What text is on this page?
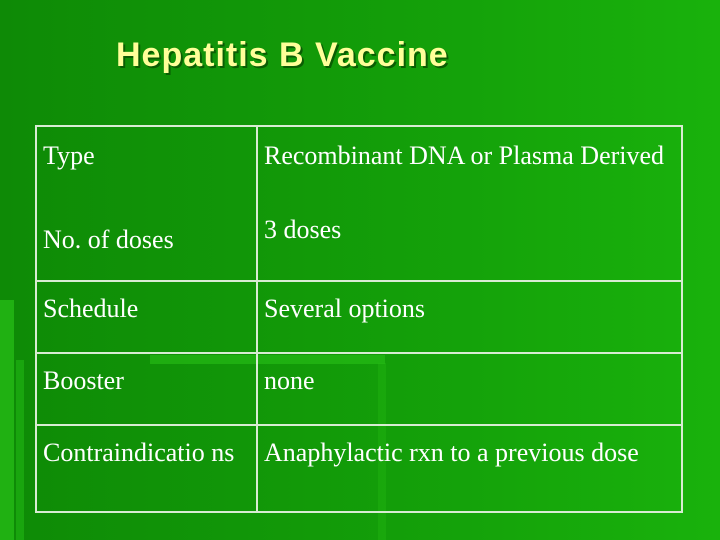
Hepatitis B Vaccine
Type	Recombinant DNA or Plasma Derived

No. of doses	3 doses
Schedule	Several options
Booster	none
Contraindicatio ns	Anaphylactic rxn to a previous dose
